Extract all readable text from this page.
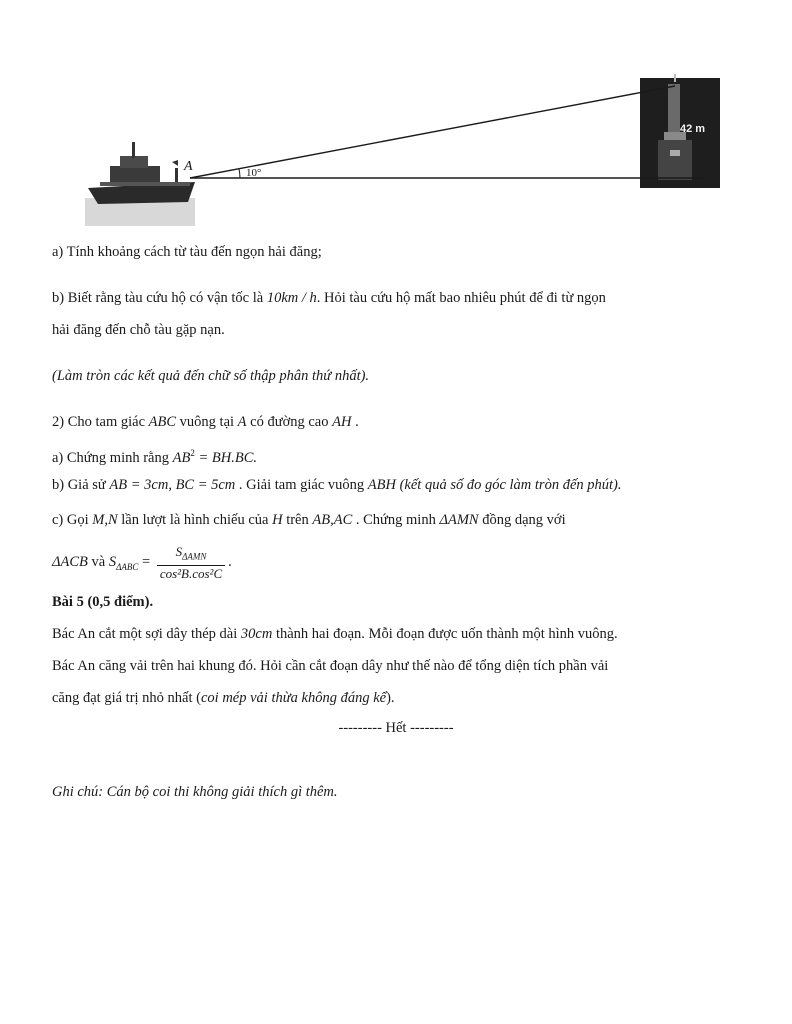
10°
A
42 m
a) Tính khoảng cách từ tàu đến ngọn hải đăng;
b) Biết rằng tàu cứu hộ có vận tốc là 10km / h. Hỏi tàu cứu hộ mất bao nhiêu phút để đi từ ngọn
hải đăng đến chỗ tàu gặp nạn.
(Làm tròn các kết quả đến chữ số thập phân thứ nhất).
2) Cho tam giác ABC vuông tại A có đường cao AH .
a) Chứng minh rằng $AB^2 = BH.BC$.
b) Giả sử AB = 3cm, BC = 5cm . Giải tam giác vuông ABH (kết quả số đo góc làm tròn đến phút).
c) Gọi M,N lần lượt là hình chiếu của H trên AB,AC . Chứng minh ΔAMN đồng dạng với
ΔACB và $S_{\Delta ABC} = \frac{S_{\Delta AMN}}{\text{cos²B.cos²C}}$ .
Bài 5 (0,5 điểm).
Bác An cắt một sợi dây thép dài 30cm thành hai đoạn. Mỗi đoạn được uốn thành một hình vuông.
Bác An căng vải trên hai khung đó. Hỏi cần cắt đoạn dây như thế nào để tổng diện tích phần vải
căng đạt giá trị nhỏ nhất (coi mép vải thừa không đáng kể).
--------- Hết ---------
Ghi chú: Cán bộ coi thi không giải thích gì thêm.
